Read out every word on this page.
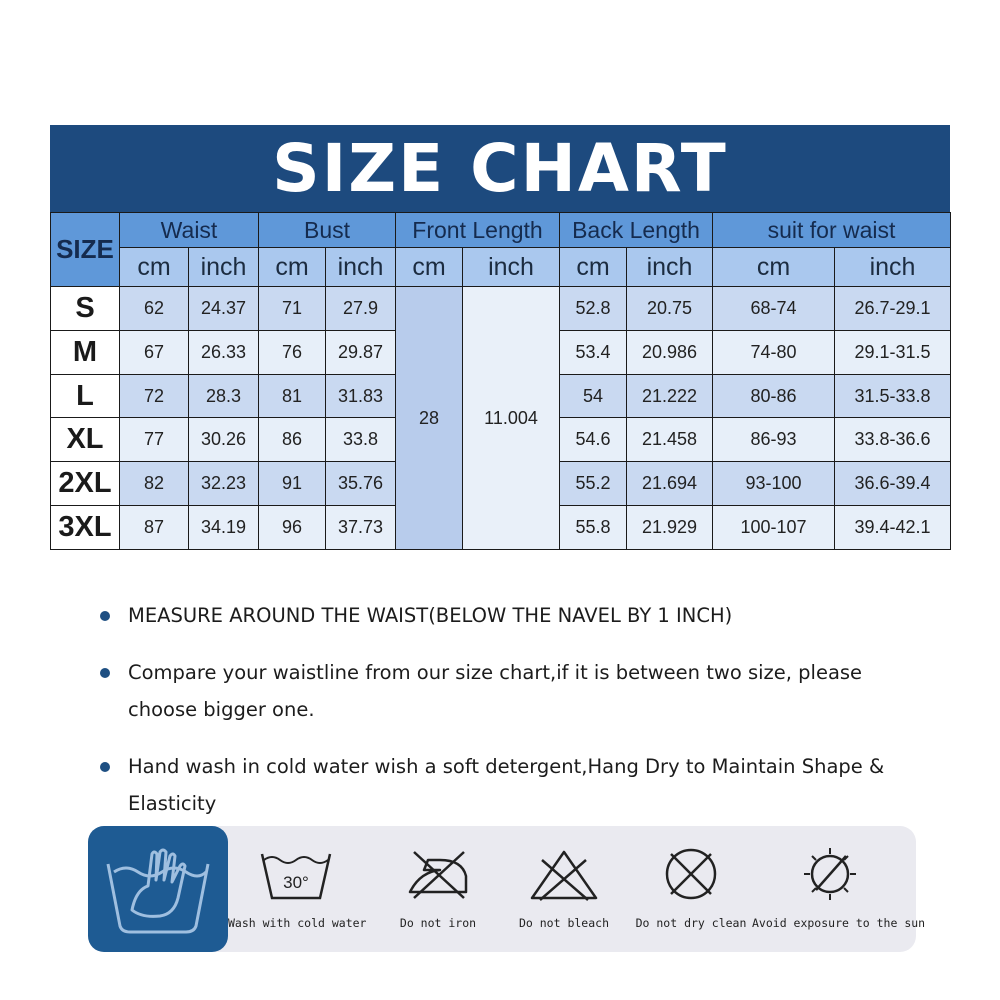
SIZE CHART
SIZE	Waist		Bust		Front Length		Back Length		suit for waist	
	cm	inch	cm	inch	cm	inch	cm	inch	cm	inch
S	62	24.37	71	27.9	28	11.004	52.8	20.75	68-74	26.7-29.1
M	67	26.33	76	29.87			53.4	20.986	74-80	29.1-31.5
L	72	28.3	81	31.83			54	21.222	80-86	31.5-33.8
XL	77	30.26	86	33.8			54.6	21.458	86-93	33.8-36.6
2XL	82	32.23	91	35.76			55.2	21.694	93-100	36.6-39.4
3XL	87	34.19	96	37.73			55.8	21.929	100-107	39.4-42.1
MEASURE AROUND THE WAIST(BELOW THE NAVEL BY 1 INCH)
Compare your waistline from our size chart,if it is between two size, please choose bigger one.
Hand wash in cold water wish a soft detergent,Hang Dry to Maintain Shape & Elasticity
30°
Wash with cold water	Do not iron	Do not bleach	Do not dry clean Avoid exposure to the sun
